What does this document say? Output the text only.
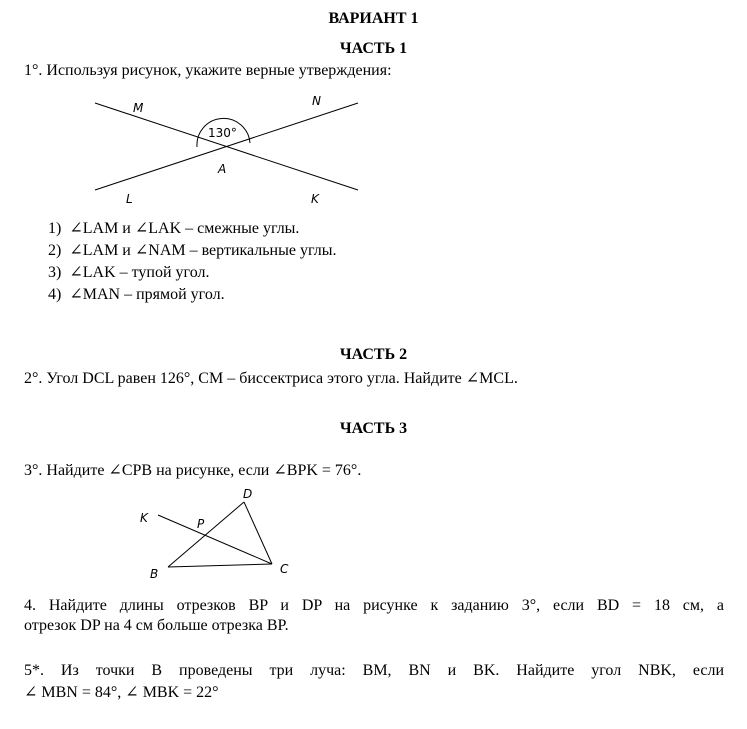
ВАРИАНТ 1
ЧАСТЬ 1
1°. Используя рисунок, укажите верные утверждения:
130°
M	N
A
L	K
1) ∠LAM и ∠LAK – смежные углы.
2) ∠LAM и ∠NAM – вертикальные углы.
3) ∠LAK – тупой угол.
4) ∠MAN – прямой угол.
ЧАСТЬ 2
2°. Угол DCL равен 126°, CM – биссектриса этого угла. Найдите ∠MCL.
ЧАСТЬ 3
3°. Найдите ∠CPB на рисунке, если ∠BPK = 76°.
D
K	P
B	C
4. Найдите длины отрезков BP и DP на рисунке к заданию 3°, если BD = 18 см, а
отрезок DP на 4 см больше отрезка BP.
5*. Из точки B проведены три луча: BM, BN и BK. Найдите угол NBK, если
∠ MBN = 84°, ∠ MBK = 22°
